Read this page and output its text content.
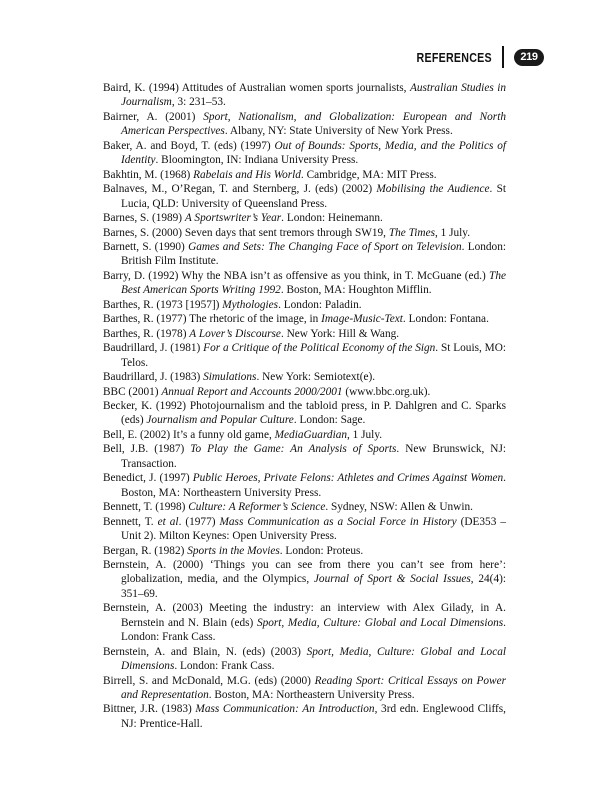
REFERENCES	219

Baird, K. (1994) Attitudes of Australian women sports journalists, Australian Studies in Journalism, 3: 231–53.

Bairner, A. (2001) Sport, Nationalism, and Globalization: European and North American Perspectives. Albany, NY: State University of New York Press.

Baker, A. and Boyd, T. (eds) (1997) Out of Bounds: Sports, Media, and the Politics of Identity. Bloomington, IN: Indiana University Press.

Bakhtin, M. (1968) Rabelais and His World. Cambridge, MA: MIT Press.

Balnaves, M., O’Regan, T. and Sternberg, J. (eds) (2002) Mobilising the Audience. St Lucia, QLD: University of Queensland Press.

Barnes, S. (1989) A Sportswriter’s Year. London: Heinemann.

Barnes, S. (2000) Seven days that sent tremors through SW19, The Times, 1 July.

Barnett, S. (1990) Games and Sets: The Changing Face of Sport on Television. London: British Film Institute.

Barry, D. (1992) Why the NBA isn’t as offensive as you think, in T. McGuane (ed.) The Best American Sports Writing 1992. Boston, MA: Houghton Mifflin.

Barthes, R. (1973 [1957]) Mythologies. London: Paladin.

Barthes, R. (1977) The rhetoric of the image, in Image-Music-Text. London: Fontana.

Barthes, R. (1978) A Lover’s Discourse. New York: Hill & Wang.

Baudrillard, J. (1981) For a Critique of the Political Economy of the Sign. St Louis, MO: Telos.

Baudrillard, J. (1983) Simulations. New York: Semiotext(e).

BBC (2001) Annual Report and Accounts 2000/2001 (www.bbc.org.uk).

Becker, K. (1992) Photojournalism and the tabloid press, in P. Dahlgren and C. Sparks (eds) Journalism and Popular Culture. London: Sage.

Bell, E. (2002) It’s a funny old game, MediaGuardian, 1 July.

Bell, J.B. (1987) To Play the Game: An Analysis of Sports. New Brunswick, NJ: Transaction.

Benedict, J. (1997) Public Heroes, Private Felons: Athletes and Crimes Against Women. Boston, MA: Northeastern University Press.

Bennett, T. (1998) Culture: A Reformer’s Science. Sydney, NSW: Allen & Unwin.

Bennett, T. et al. (1977) Mass Communication as a Social Force in History (DE353 – Unit 2). Milton Keynes: Open University Press.

Bergan, R. (1982) Sports in the Movies. London: Proteus.

Bernstein, A. (2000) ‘Things you can see from there you can’t see from here’: globalization, media, and the Olympics, Journal of Sport & Social Issues, 24(4): 351–69.

Bernstein, A. (2003) Meeting the industry: an interview with Alex Gilady, in A. Bernstein and N. Blain (eds) Sport, Media, Culture: Global and Local Dimensions. London: Frank Cass.

Bernstein, A. and Blain, N. (eds) (2003) Sport, Media, Culture: Global and Local Dimensions. London: Frank Cass.

Birrell, S. and McDonald, M.G. (eds) (2000) Reading Sport: Critical Essays on Power and Representation. Boston, MA: Northeastern University Press.

Bittner, J.R. (1983) Mass Communication: An Introduction, 3rd edn. Englewood Cliffs, NJ: Prentice-Hall.
